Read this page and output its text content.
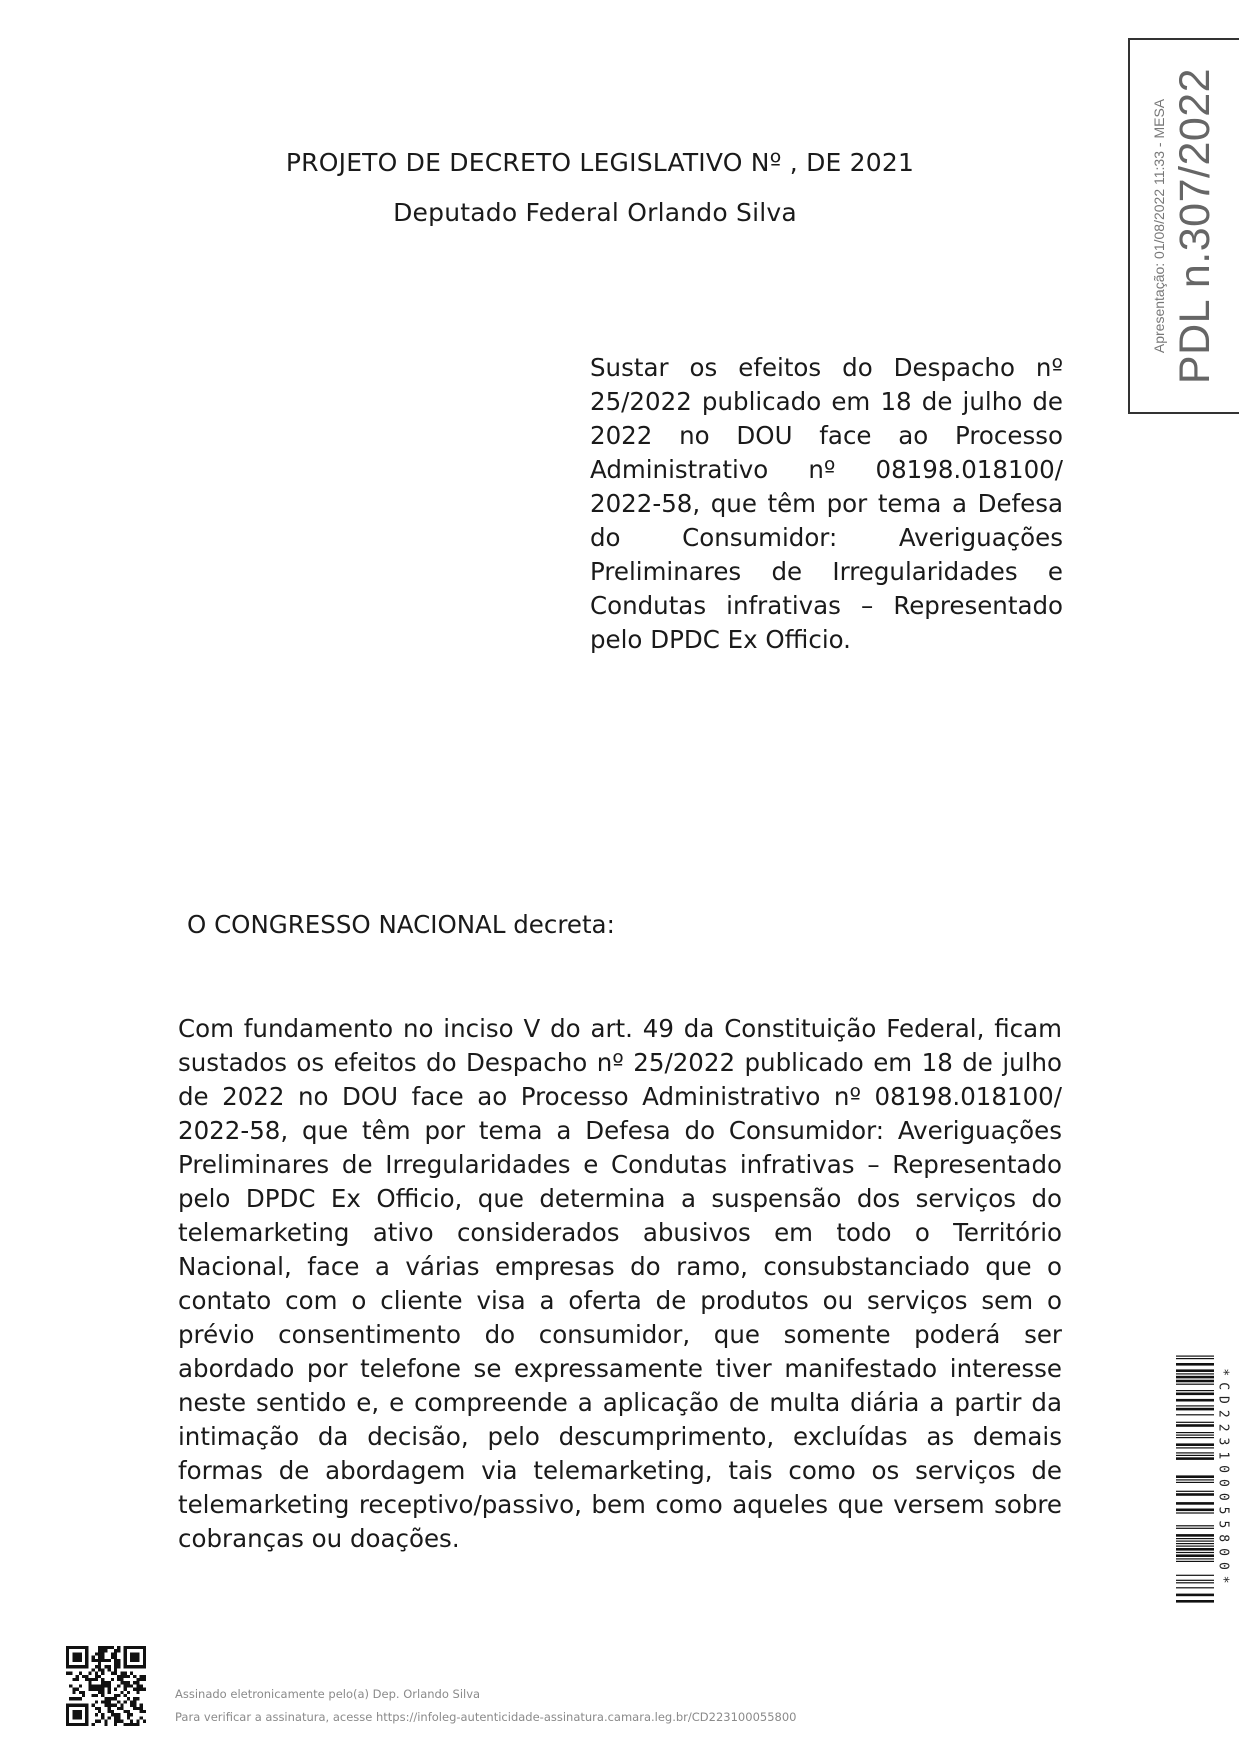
PROJETO DE DECRETO LEGISLATIVO Nº , DE 2021
Deputado Federal Orlando Silva
Sustar os efeitos do Despacho nº 25/2022 publicado em 18 de julho de 2022 no DOU face ao Processo Administrativo nº 08198.018100/ 2022-58, que têm por tema a Defesa do Consumidor: Averiguações Preliminares de Irregularidades e Condutas infrativas – Representado pelo DPDC Ex Officio.
O CONGRESSO NACIONAL decreta:
Com fundamento no inciso V do art. 49 da Constituição Federal, ficam sustados os efeitos do Despacho nº 25/2022 publicado em 18 de julho de 2022 no DOU face ao Processo Administrativo nº 08198.018100/ 2022-58, que têm por tema a Defesa do Consumidor: Averiguações Preliminares de Irregularidades e Condutas infrativas – Representado pelo DPDC Ex Officio, que determina a suspensão dos serviços do telemarketing ativo considerados abusivos em todo o Território Nacional, face a várias empresas do ramo, consubstanciado que o contato com o cliente visa a oferta de produtos ou serviços sem o prévio consentimento do consumidor, que somente poderá ser abordado por telefone se expressamente tiver manifestado interesse neste sentido e, e compreende a aplicação de multa diária a partir da intimação da decisão, pelo descumprimento, excluídas as demais formas de abordagem via telemarketing, tais como os serviços de telemarketing receptivo/passivo, bem como aqueles que versem sobre cobranças ou doações.
Apresentação: 01/08/2022 11:33 - MESA PDL n.307/2022
*CD223100055800*
Assinado eletronicamente pelo(a) Dep. Orlando Silva
Para verificar a assinatura, acesse https://infoleg-autenticidade-assinatura.camara.leg.br/CD223100055800
